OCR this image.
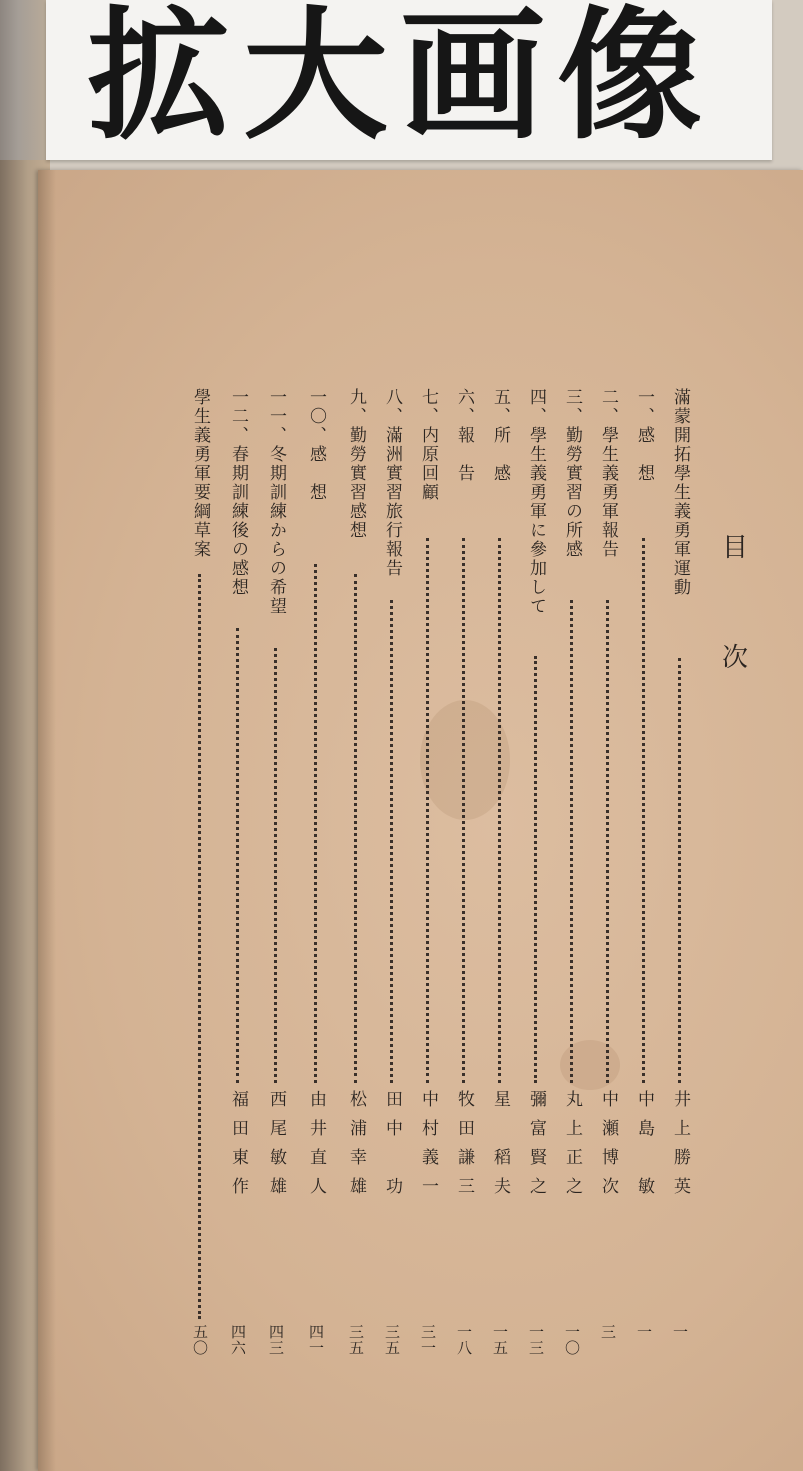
拡大画像
目
次
滿蒙開拓學生義勇軍運動
井上勝英
一
一、感　想
中島　敏
一
二、學生義勇軍報告
中瀬博次
三
三、勤勞實習の所感
丸上正之
一〇
四、學生義勇軍に參加して
彌富賢之
一三
五、所　感
星　稻夫
一五
六、報　告
牧田謙三
一八
七、内原回顧
中村義一
三一
八、滿洲實習旅行報告
田中　功
三五
九、勤勞實習感想
松浦幸雄
三五
一〇、感　想
由井直人
四一
一一、冬期訓練からの希望
西尾敏雄
四三
一二、春期訓練後の感想
福田東作
四六
學生義勇軍要綱草案
五〇
